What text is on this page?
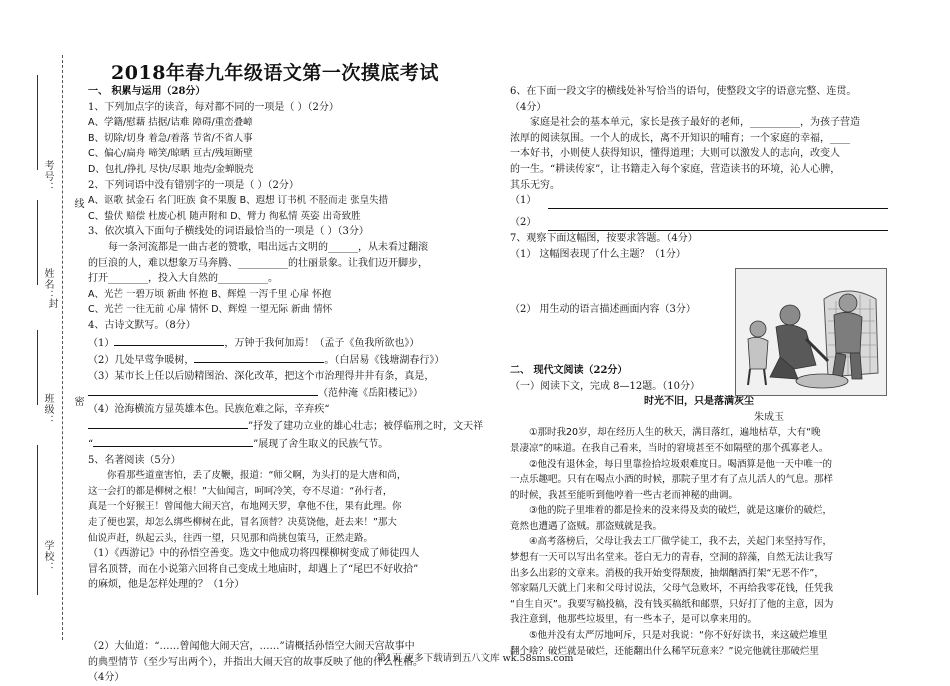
考号：
线
姓名：
封
班级： 密
学校：
2018年春九年级语文第一次摸底考试
一、 积累与运用（28分）
1、下列加点字的读音，每对都不同的一项是（ ）（2分）
A、学籍/慰藉 拮据/诘难 障碍/重峦叠嶂
B、切除/切身 着急/着落 节省/不省人事
C、偏心/扁舟 啼笑/晾晒 亘古/残垣断壁
D、包扎/挣扎 尽快/尽职 地壳/金蝉脱壳
2、下列词语中没有错别字的一项是（ ）（2分）
A、讴歌 拭金石 名门旺族 食不果腹 B、遐想 订书机 不胫而走 张皇失措
C、蛰伏 赔偿 杜废心机 随声附和 D、臂力 徇私情 英姿 出奇致胜
3、依次填入下面句子横线处的词语最恰当的一项是（ ）（3分）
每一条河流都是一曲古老的赞歌，唱出远古文明的______，从未看过翻滚
的巨浪的人，难以想象万马奔腾、__________的壮丽景象。让我们迈开脚步，
打开________，投入大自然的__________。
A、光芒 一碧万顷 新曲 怀抱 B、辉煌 一泻千里 心扉 怀抱
C、光芒 一往无前 心扉 情怀 D、辉煌 一望无际 新曲 情怀
4、古诗文默写。（8分）
（1）	，万钟于我何加焉！（孟子《鱼我所欲也》）
（2）几处早莺争暖树，	。（白居易《钱塘湖春行》）
（3）某市长上任以后励精图治、深化改革，把这个市治理得井井有条，真是，
（范仲淹《岳阳楼记》）
（4）沧海横流方显英雄本色。民族危难之际，辛弃疾“
”抒发了建功立业的雄心壮志；被俘临刑之时，文天祥
“	”展现了舍生取义的民族气节。
5、名著阅读（5分）
你看那些道童害怕，丢了皮鞭，报道：“师父啊，为头打的是大唐和尚，
这一会打的都是柳树之根！”大仙闻言，呵呵冷笑，夸不尽道：“孙行者，
真是一个好猴王！曾闻他大闹天宫，布地网天罗，拿他不住，果有此理。你
走了便也罢，却怎么绑些柳树在此，冒名顶替？决莫饶他，赶去来！”那大
仙说声赶，纵起云头，往西一望，只见那和尚挑包策马，正然走路。
（1）《西游记》中的孙悟空善变。选文中他成功将四棵柳树变成了师徒四人
冒名顶替，而在小说第六回将自己变成土地庙时，却遇上了“尾巴不好收拾”
的麻烦，他是怎样处理的？（1分）
（2）大仙道：“……曾闻他大闹天宫，……”请概括孙悟空大闹天宫故事中
的典型情节（至少写出两个），并指出大闹天宫的故事反映了他的什么性格。
（4分）
6、在下面一段文字的横线处补写恰当的语句，使整段文字的语意完整、连贯。
（4分）
家庭是社会的基本单元，家长是孩子最好的老师，__________，为孩子营造
浓厚的阅读氛围。一个人的成长，离不开知识的哺育；一个家庭的幸福，____
一本好书，小则使人获得知识，懂得道理；大则可以激发人的志向，改变人
的一生。“耕读传家”，让书籍走入每个家庭，营造读书的环境，沁人心脾，
其乐无穷。
（1）
（2）
7、观察下面这幅图，按要求答题。（4分）
（1） 这幅图表现了什么主题？（1分）
（2） 用生动的语言描述画面内容（3分）
二、 现代文阅读（22分）
（一）阅读下文，完成 8—12题。（10分）
时光不旧，只是落满灰尘
朱成玉
①那时我20岁，却在经历人生的秋天，满目落红，遍地枯草，大有“晚
景凄凉”的味道。在我自己看来，当时的窘境甚至不如隔壁的那个孤寡老人。
②他没有退休金，每日里靠捡拾垃圾艰难度日。喝酒算是他一天中唯一的
一点乐趣吧。只有在喝点小酒的时候，那院子里才有了点儿活人的气息。那样
的时候，我甚至能听到他哼着一些古老而神秘的曲调。
③他的院子里堆着的都是捡来的没来得及卖的破烂，就是这廉价的破烂，
竟然也遭遇了盗贼。那盗贼就是我。
④高考落榜后，父母让我去工厂做学徒工，我不去，关起门来坚持写作，
梦想有一天可以写出名堂来。苍白无力的青春，空洞的辞藻，自然无法让我写
出多么出彩的文章来。消极的我开始变得颓废，抽烟酗酒打架“无恶不作”，
邻家隔几天就上门来和父母讨说法，父母气急败坏，不再给我零花钱，任凭我
“自生自灭”。我要写稿投稿，没有钱买稿纸和邮票，只好打了他的主意，因为
我注意到，他那些垃圾里，有一些本子，是可以拿来用的。
⑤他并没有太严厉地呵斥，只是对我说：“你不好好读书，来这破烂堆里
翻个啥？破烂就是破烂，还能翻出什么稀罕玩意来？”说完他就往那破烂里
第1页 更多下载请到五八文库 wk.58sms.com
